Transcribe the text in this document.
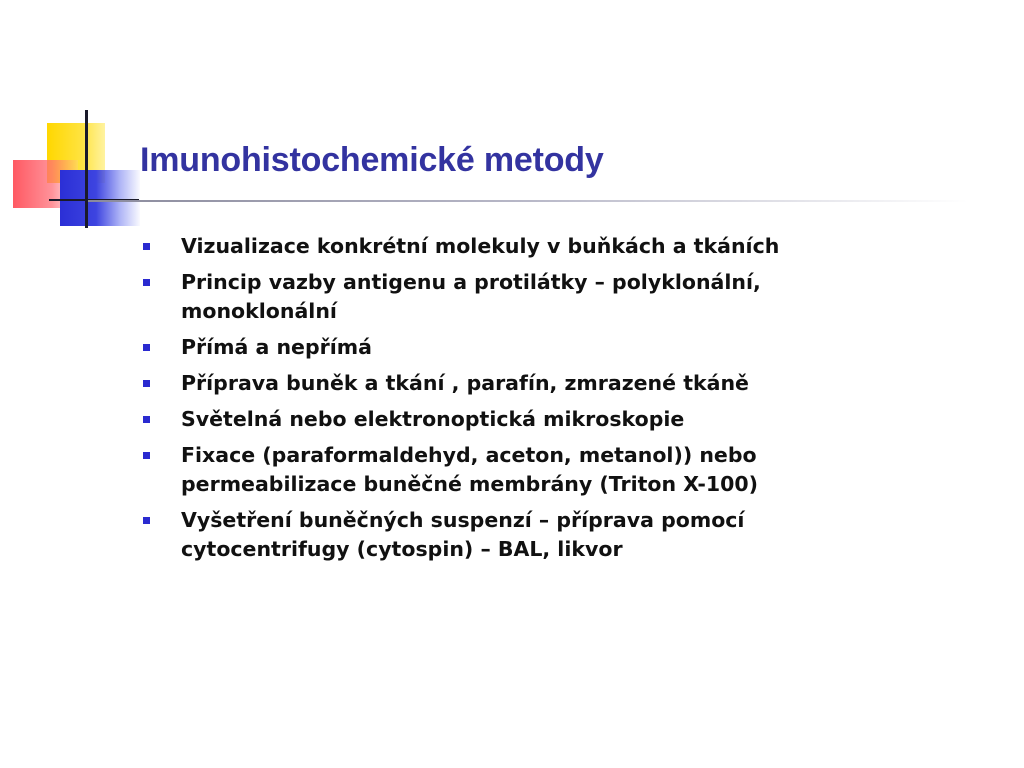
Imunohistochemické metody
Vizualizace konkrétní molekuly v buňkách a tkáních
Princip vazby antigenu a protilátky – polyklonální, monoklonální
Přímá a nepřímá
Příprava buněk a tkání , parafín, zmrazené tkáně
Světelná nebo elektronoptická mikroskopie
Fixace (paraformaldehyd, aceton, metanol)) nebo permeabilizace buněčné membrány (Triton X-100)
Vyšetření buněčných suspenzí – příprava pomocí cytocentrifugy (cytospin) – BAL, likvor
